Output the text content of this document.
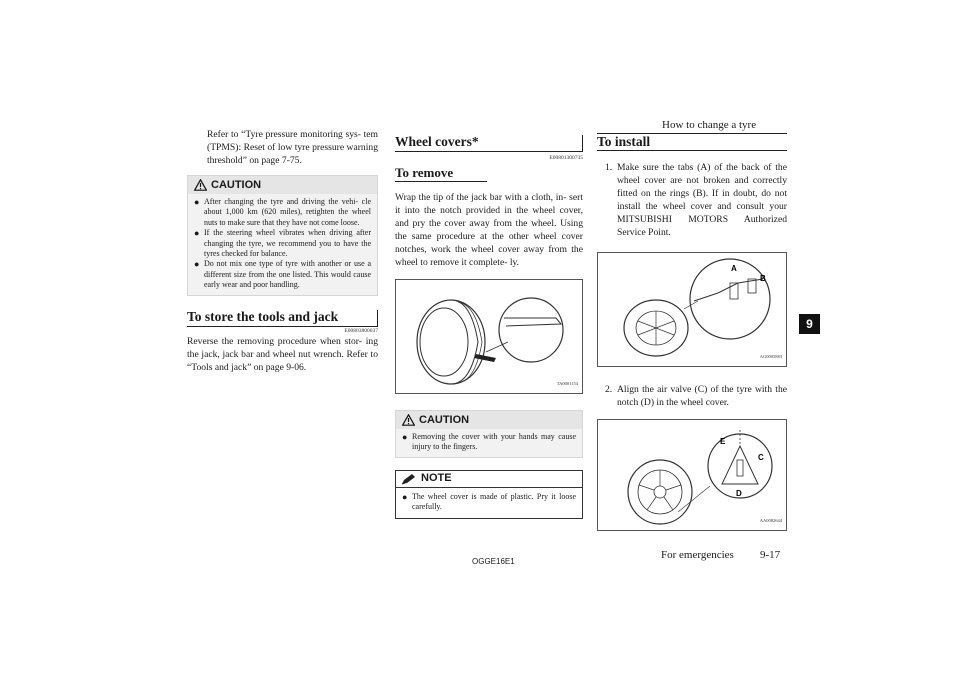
How to change a tyre
9

Refer to “Tyre pressure monitoring sys- tem (TPMS): Reset of low tyre pressure warning threshold” on page 7-75.

CAUTION
● After changing the tyre and driving the vehi- cle about 1,000 km (620 miles), retighten the wheel nuts to make sure that they have not come loose.
● If the steering wheel vibrates when driving after changing the tyre, we recommend you to have the tyres checked for balance.
● Do not mix one type of tyre with another or use a different size from the one listed. This would cause early wear and poor handling.
To store the tools and jack
E00803800037

Reverse the removing procedure when stor- ing the jack, jack bar and wheel nut wrench. Refer to “Tools and jack” on page 9-06.

Wheel covers*
E00801300735
To remove

Wrap the tip of the jack bar with a cloth, in- sert it into the notch provided in the wheel cover, and pry the cover away from the wheel. Using the same procedure at the other wheel cover notches, work the wheel cover away from the wheel to remove it complete- ly.

TA0001154
CAUTION
● Removing the cover with your hands may cause injury to the fingers.
NOTE
● The wheel cover is made of plastic. Pry it loose carefully.
To install
1. Make sure the tabs (A) of the back of the wheel cover are not broken and correctly fitted on the rings (B). If in doubt, do not install the wheel cover and consult your MITSUBISHI MOTORS Authorized Service Point.
A
B
AG0005883
2. Align the air valve (C) of the tyre with the notch (D) in the wheel cover.
E
C
D
AA0082644
OGGE16E1
For emergencies 9-17
